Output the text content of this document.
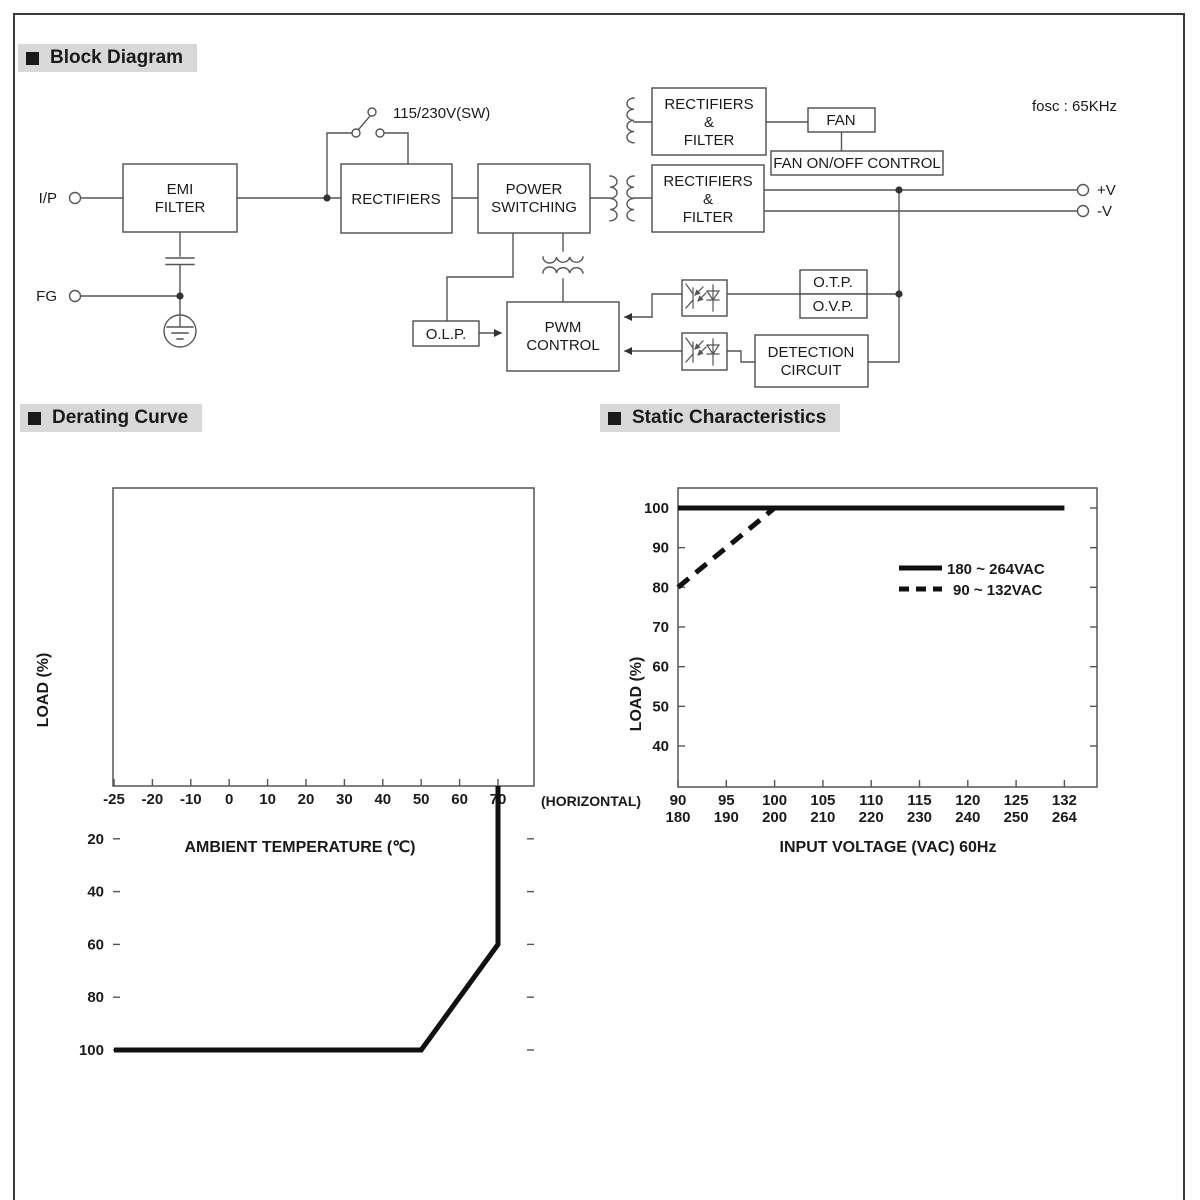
Block Diagram
Derating Curve	Static Characteristics
I/P
FG
+V
-V
115/230V(SW)	fosc : 65KHz
EMI
FILTER	RECTIFIERS
POWER
SWITCHING
RECTIFIERS
&
FILTER
FAN
FAN ON/OFF CONTROL
RECTIFIERS
&
FILTER
O.T.P.
O.V.P.
O.L.P.	PWM
CONTROL	DETECTION
CIRCUIT
-25 -20 -10 0 10 20 30 40 50 60 70
100
80
60
40
20
LOAD (%)
AMBIENT TEMPERATURE (℃)
(HORIZONTAL) 90
180
95
190
100
200
105
210
110
220
115
230
120
240
125
250
132
264
100
90
80
70
60
50
40
180 ~ 264VAC
90 ~ 132VAC
LOAD (%)
INPUT VOLTAGE (VAC) 60Hz
